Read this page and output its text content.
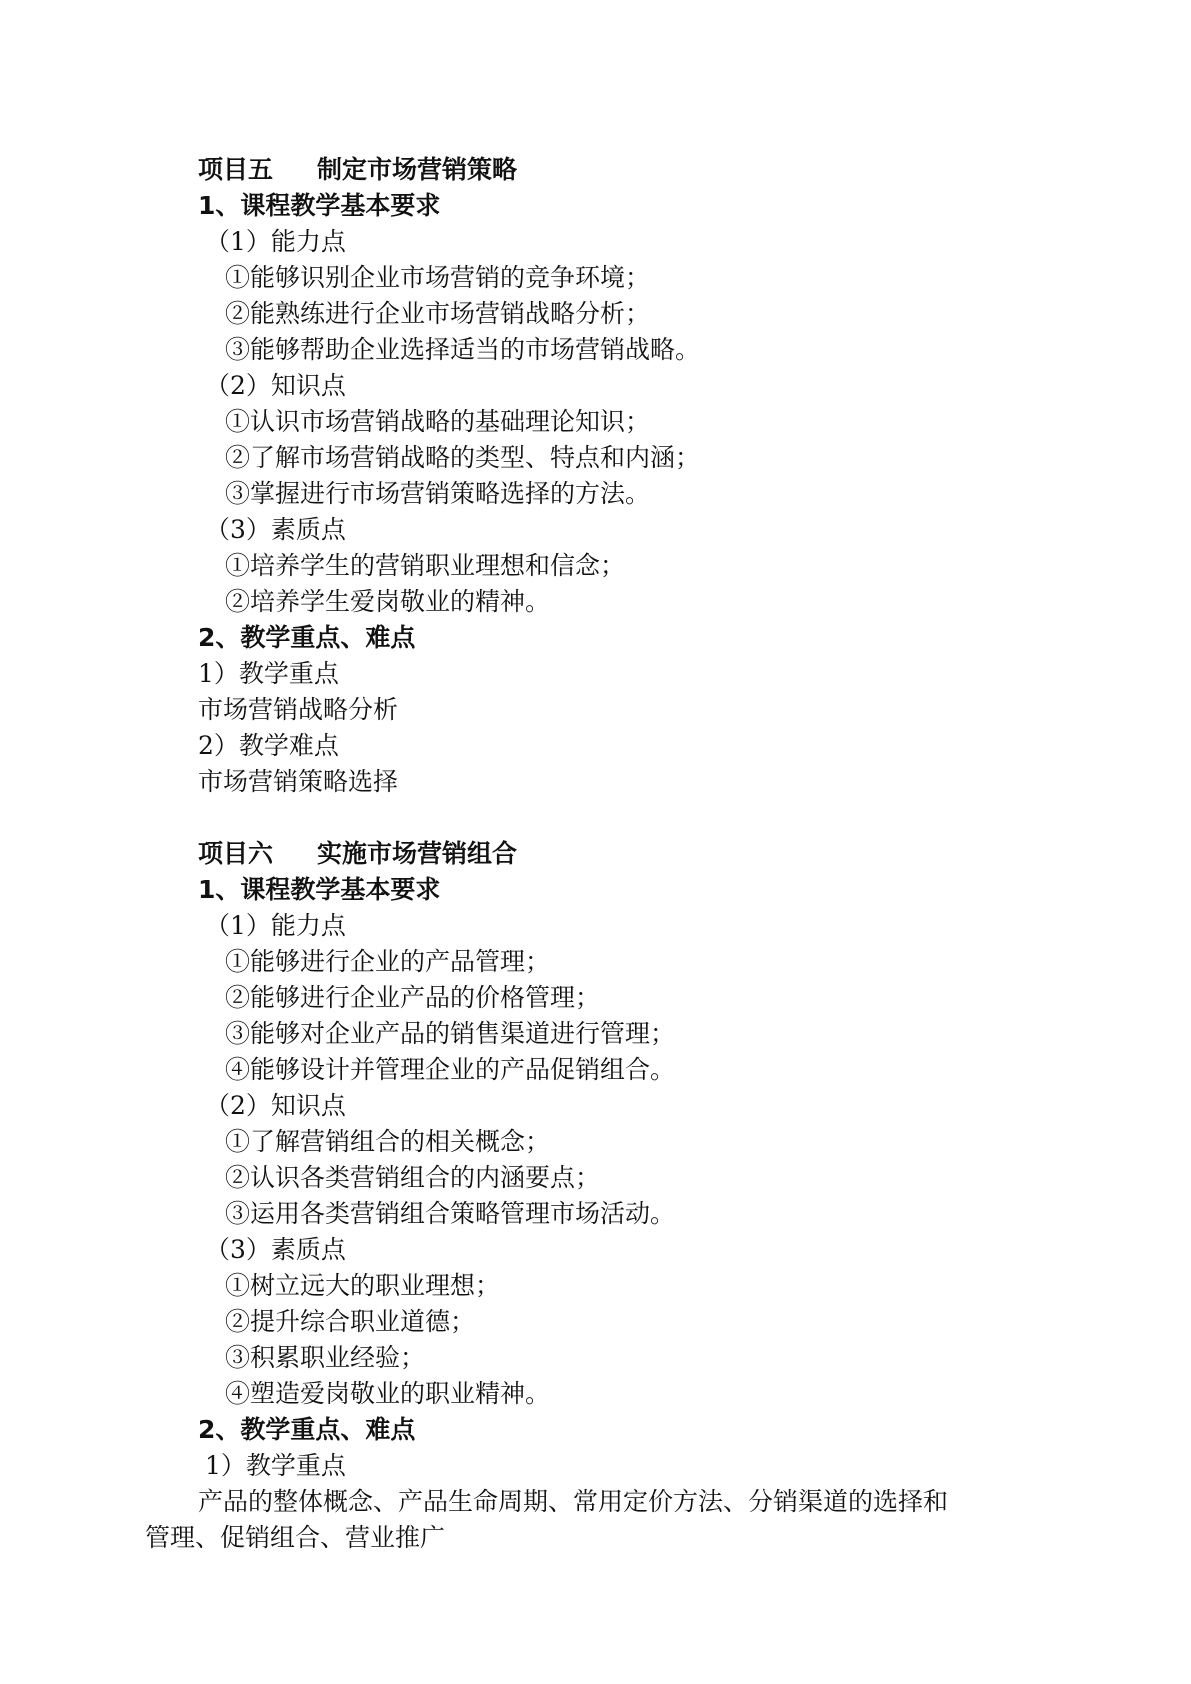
项目五 制定市场营销策略
1、课程教学基本要求
（1）能力点
①能够识别企业市场营销的竞争环境；
②能熟练进行企业市场营销战略分析；
③能够帮助企业选择适当的市场营销战略。
（2）知识点
①认识市场营销战略的基础理论知识；
②了解市场营销战略的类型、特点和内涵；
③掌握进行市场营销策略选择的方法。
（3）素质点
①培养学生的营销职业理想和信念；
②培养学生爱岗敬业的精神。
2、教学重点、难点
1）教学重点
市场营销战略分析
2）教学难点
市场营销策略选择
项目六 实施市场营销组合
1、课程教学基本要求
（1）能力点
①能够进行企业的产品管理；
②能够进行企业产品的价格管理；
③能够对企业产品的销售渠道进行管理；
④能够设计并管理企业的产品促销组合。
（2）知识点
①了解营销组合的相关概念；
②认识各类营销组合的内涵要点；
③运用各类营销组合策略管理市场活动。
（3）素质点
①树立远大的职业理想；
②提升综合职业道德；
③积累职业经验；
④塑造爱岗敬业的职业精神。
2、教学重点、难点
1）教学重点
产品的整体概念、产品生命周期、常用定价方法、分销渠道的选择和
管理、促销组合、营业推广
